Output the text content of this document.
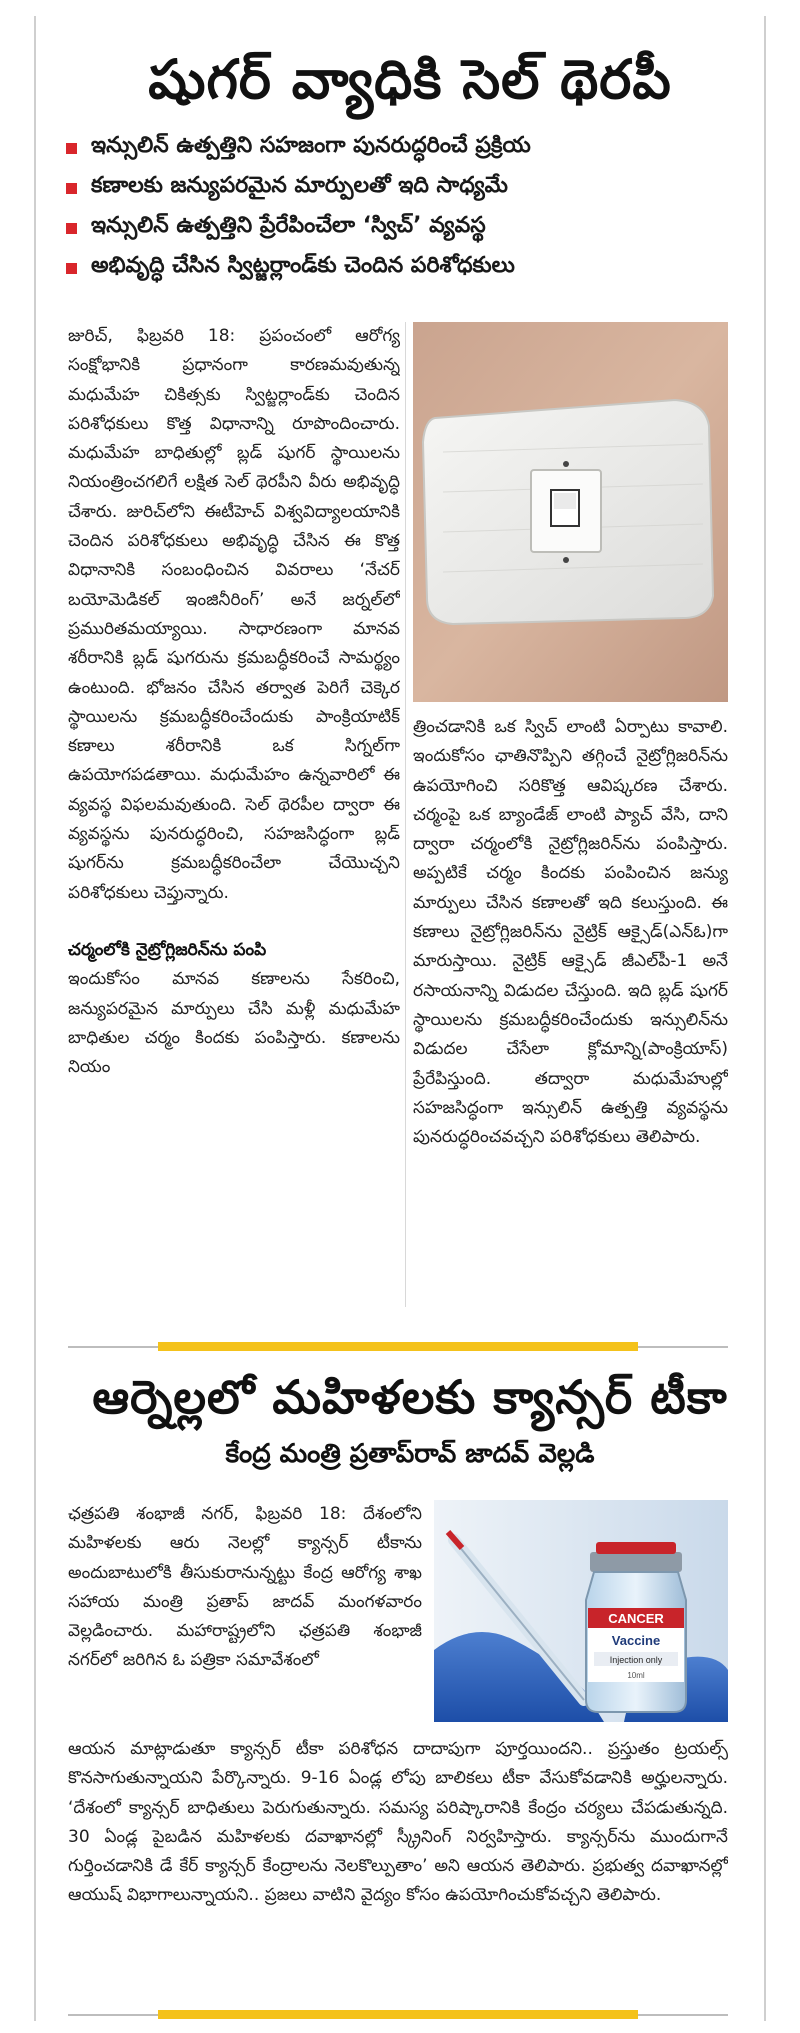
షుగర్ వ్యాధికి సెల్ థెరపీ
ఇన్సులిన్ ఉత్పత్తిని సహజంగా పునరుద్ధరించే ప్రక్రియ
కణాలకు జన్యుపరమైన మార్పులతో ఇది సాధ్యమే
ఇన్సులిన్ ఉత్పత్తిని ప్రేరేపించేలా ‘స్విచ్’ వ్యవస్థ
అభివృద్ధి చేసిన స్విట్జర్లాండ్‌కు చెందిన పరిశోధకులు

జురిచ్, ఫిబ్రవరి 18: ప్రపంచంలో ఆరోగ్య సంక్షోభానికి ప్రధానంగా కారణమవుతున్న మధుమేహ చికిత్సకు స్విట్జర్లాండ్‌కు చెందిన పరిశోధకులు కొత్త విధానాన్ని రూపొందించారు. మధుమేహ బాధితుల్లో బ్లడ్ షుగర్ స్థాయిలను నియంత్రించగలిగే లక్షిత సెల్ థెరపీని వీరు అభివృద్ధి చేశారు. జురిచ్‌లోని ఈటీహెచ్ విశ్వవిద్యాలయానికి చెందిన పరిశోధకులు అభివృద్ధి చేసిన ఈ కొత్త విధానానికి సంబంధించిన వివరాలు ‘నేచర్ బయోమెడికల్ ఇంజినీరింగ్’ అనే జర్నల్‌లో ప్రమురితమయ్యాయి. సాధారణంగా మానవ శరీరానికి బ్లడ్ షుగరును క్రమబద్ధీకరించే సామర్థ్యం ఉంటుంది. భోజనం చేసిన తర్వాత పెరిగే చెక్కెర స్థాయిలను క్రమబద్ధీకరించేందుకు పాంక్రియాటిక్ కణాలు శరీరానికి ఒక సిగ్నల్‌గా ఉపయోగపడతాయి. మధుమేహం ఉన్నవారిలో ఈ వ్యవస్థ విఫలమవుతుంది. సెల్ థెరపీల ద్వారా ఈ వ్యవస్థను పునరుద్ధరించి, సహజసిద్ధంగా బ్లడ్ షుగర్‌ను క్రమబద్ధీకరించేలా చేయొచ్చని పరిశోధకులు చెప్తున్నారు.

చర్మంలోకి నైట్రోగ్లిజరిన్‌ను పంపి

ఇందుకోసం మానవ కణాలను సేకరించి, జన్యుపరమైన మార్పులు చేసి మళ్లీ మధుమేహ బాధితుల చర్మం కిందకు పంపిస్తారు. కణాలను నియం

త్రించడానికి ఒక స్విచ్ లాంటి ఏర్పాటు కావాలి. ఇందుకోసం ఛాతినొప్పిని తగ్గించే నైట్రోగ్లిజరిన్‌ను ఉపయోగించి సరికొత్త ఆవిష్కరణ చేశారు. చర్మంపై ఒక బ్యాండేజ్ లాంటి ప్యాచ్ వేసి, దాని ద్వారా చర్మంలోకి నైట్రోగ్లిజరిన్‌ను పంపిస్తారు. అప్పటికే చర్మం కిందకు పంపించిన జన్యు మార్పులు చేసిన కణాలతో ఇది కలుస్తుంది. ఈ కణాలు నైట్రోగ్లిజరిన్‌ను నైట్రిక్ ఆక్సైడ్(ఎన్ఓ)గా మారుస్తాయి. నైట్రిక్ ఆక్సైడ్ జీఎల్‌పీ-1 అనే రసాయనాన్ని విడుదల చేస్తుంది. ఇది బ్లడ్ షుగర్ స్థాయిలను క్రమబద్ధీకరించేందుకు ఇన్సులిన్‌ను విడుదల చేసేలా క్లోమాన్ని(పాంక్రియాస్) ప్రేరేపిస్తుంది. తద్వారా మధుమేహుల్లో సహజసిద్ధంగా ఇన్సులిన్ ఉత్పత్తి వ్యవస్థను పునరుద్ధరించవచ్చని పరిశోధకులు తెలిపారు.

ఆర్నెల్లలో మహిళలకు క్యాన్సర్ టీకా
కేంద్ర మంత్రి ప్రతాప్‌రావ్ జాదవ్ వెల్లడి

ఛత్రపతి శంభాజీ నగర్, ఫిబ్రవరి 18: దేశంలోని మహిళలకు ఆరు నెలల్లో క్యాన్సర్ టీకాను అందుబాటులోకి తీసుకురానున్నట్టు కేంద్ర ఆరోగ్య శాఖ సహాయ మంత్రి ప్రతాప్ జాదవ్ మంగళవారం వెల్లడించారు. మహారాష్ట్రలోని ఛత్రపతి శంభాజీ నగర్‌లో జరిగిన ఓ పత్రికా సమావేశంలో

CANCER
Vaccine
Injection only
10ml

ఆయన మాట్లాడుతూ క్యాన్సర్ టీకా పరిశోధన దాదాపుగా పూర్తయిందని.. ప్రస్తుతం ట్రయల్స్ కొనసాగుతున్నాయని పేర్కొన్నారు. 9-16 ఏండ్ల లోపు బాలికలు టీకా వేసుకోవడానికి అర్హులన్నారు. ‘దేశంలో క్యాన్సర్ బాధితులు పెరుగుతున్నారు. సమస్య పరిష్కారానికి కేంద్రం చర్యలు చేపడుతున్నది. 30 ఏండ్ల పైబడిన మహిళలకు దవాఖానల్లో స్క్రీనింగ్ నిర్వహిస్తారు. క్యాన్సర్‌ను ముందుగానే గుర్తించడానికి డే కేర్ క్యాన్సర్ కేంద్రాలను నెలకొల్పుతాం’ అని ఆయన తెలిపారు. ప్రభుత్వ దవాఖానల్లో ఆయుష్ విభాగాలున్నాయని.. ప్రజలు వాటిని వైద్యం కోసం ఉపయోగించుకోవచ్చని తెలిపారు.
